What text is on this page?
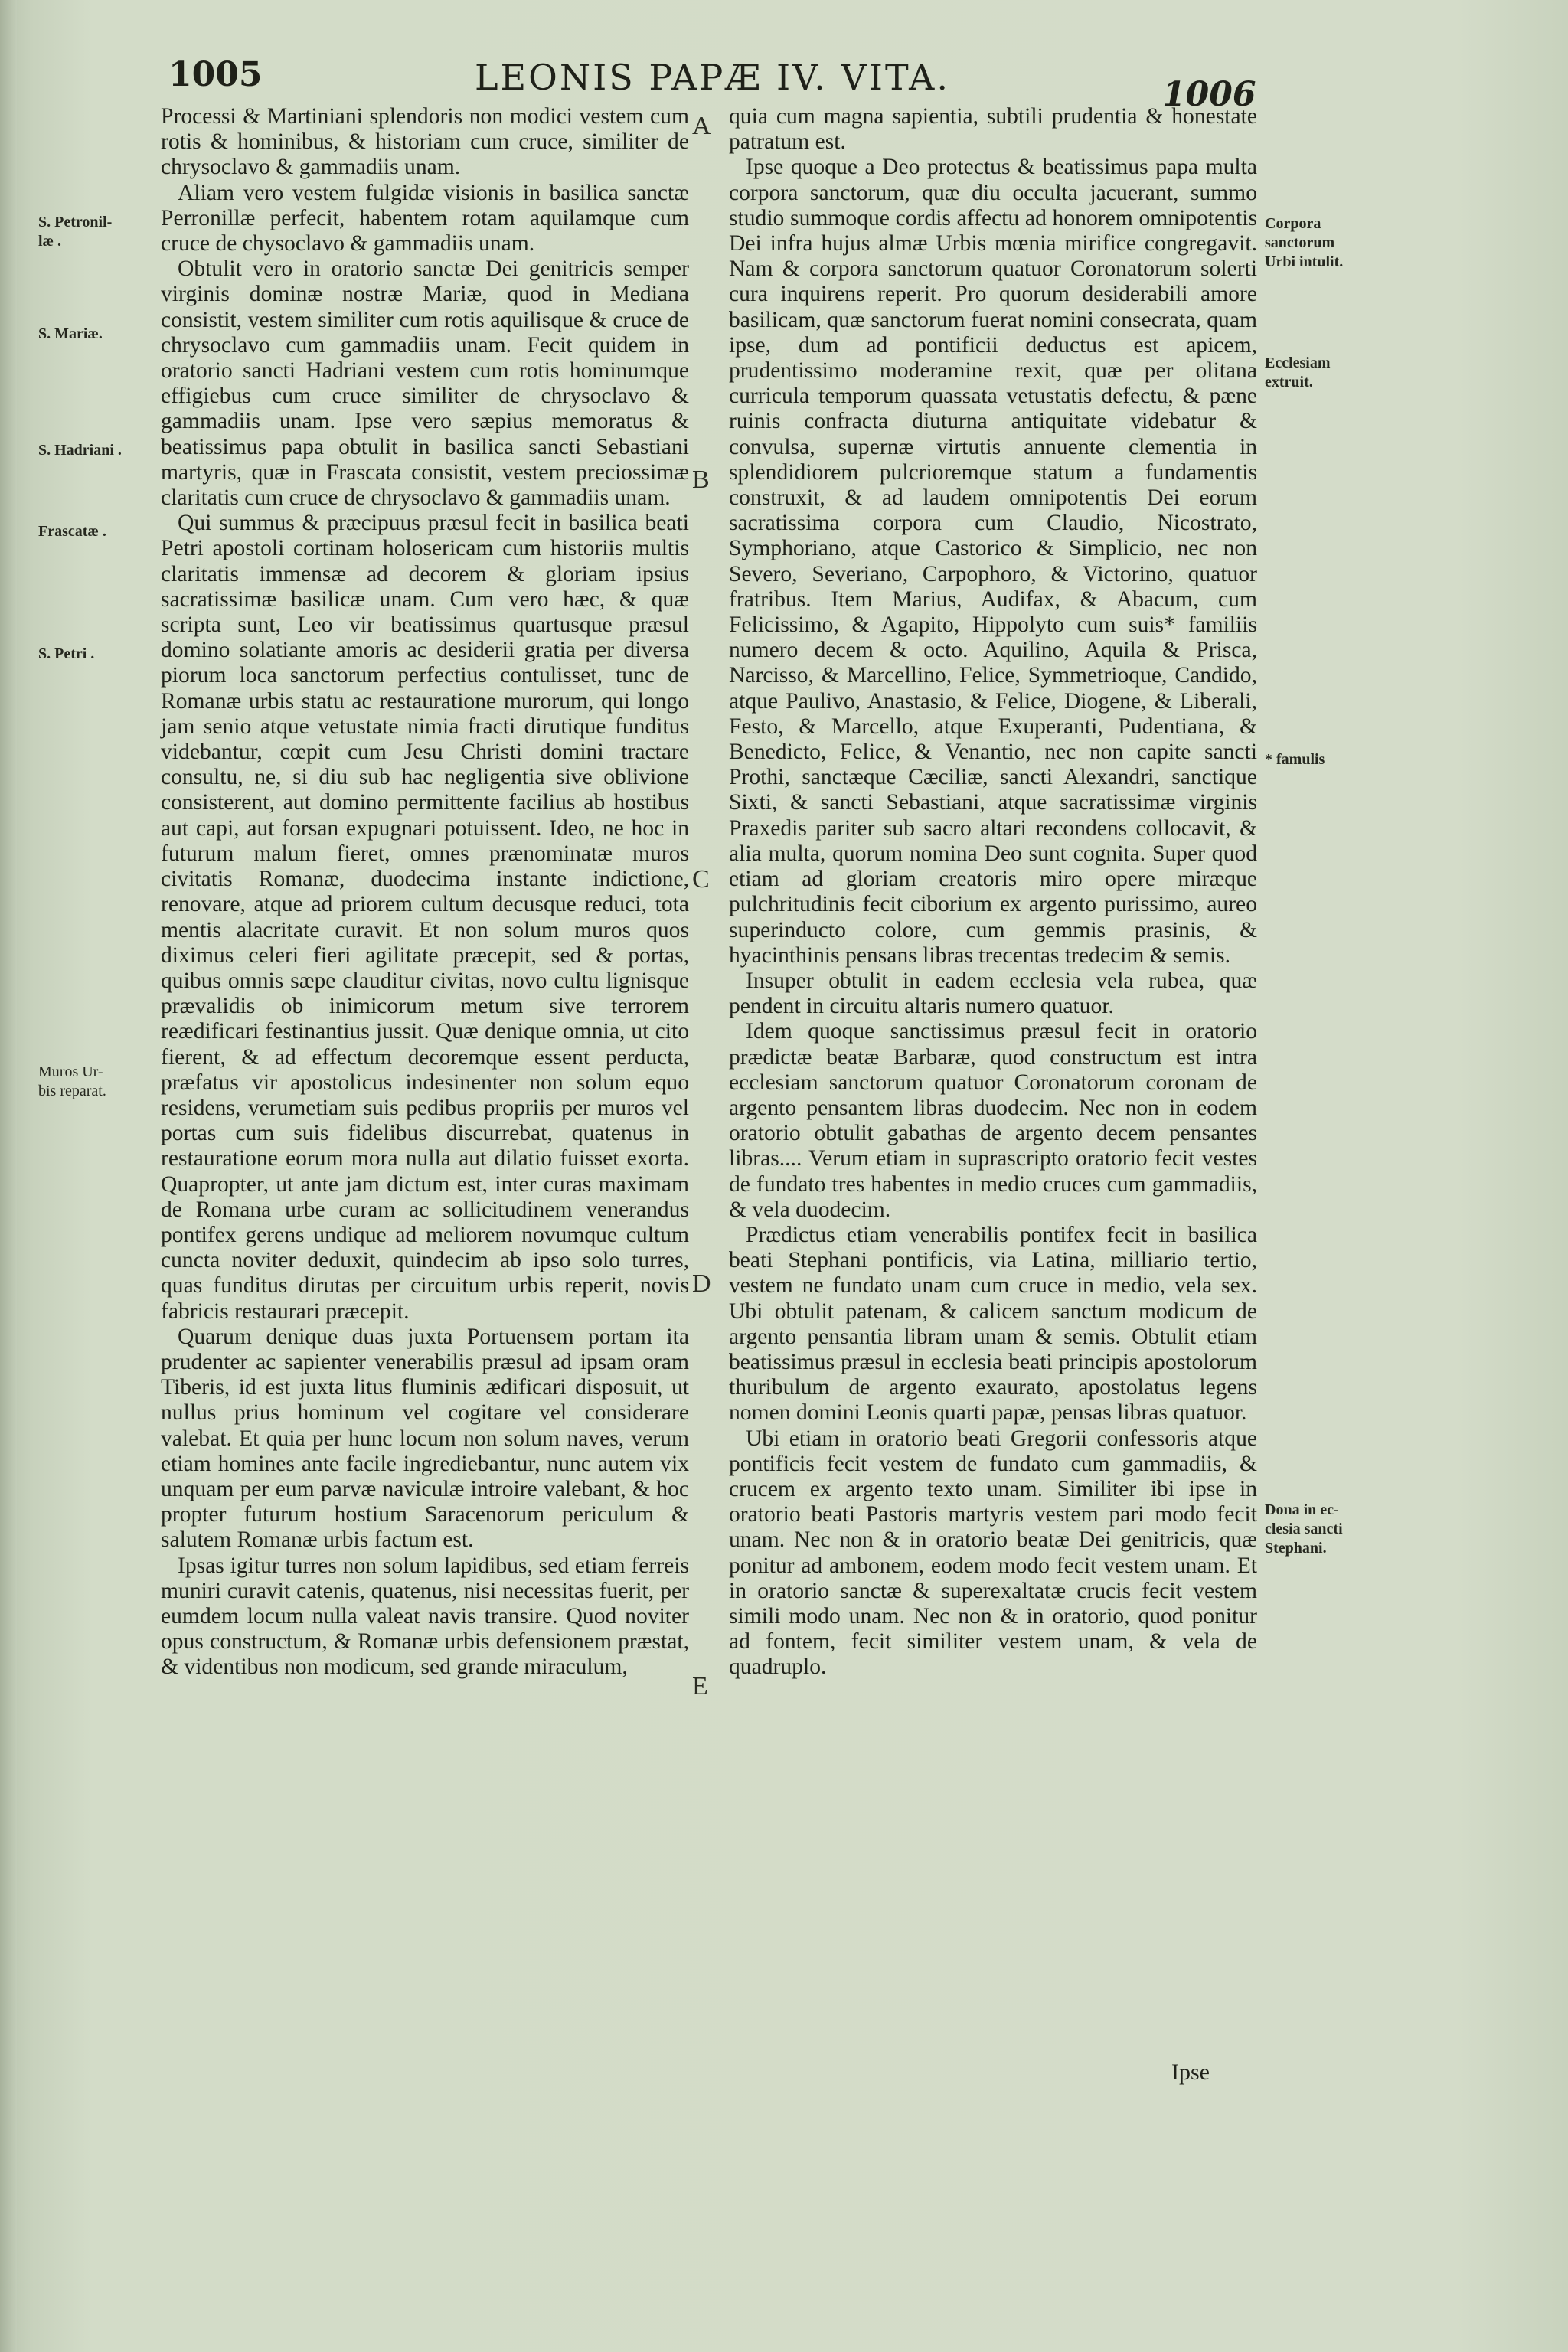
1005	LEONIS PAPÆ IV. VITA.	1006
S. Petronil-
læ .
S. Mariæ.
S. Hadriani .
Frascatæ .
S. Petri .
Muros Ur-
bis reparat.
Corpora
sanctorum
Urbi intulit.
Ecclesiam
extruit.
* famulis
Dona in ec-
clesia sancti
Stephani.
A
B
C
D
E

Processi & Martiniani splendoris non modici vestem cum rotis & hominibus, & historiam cum cruce, similiter de chrysoclavo & gammadiis unam.

Aliam vero vestem fulgidæ visionis in basilica sanctæ Perronillæ perfecit, habentem rotam aquilamque cum cruce de chysoclavo & gammadiis unam.

Obtulit vero in oratorio sanctæ Dei genitricis semper virginis dominæ nostræ Mariæ, quod in Mediana consistit, vestem similiter cum rotis aquilisque & cruce de chrysoclavo cum gammadiis unam. Fecit quidem in oratorio sancti Hadriani vestem cum rotis hominumque effigiebus cum cruce similiter de chrysoclavo & gammadiis unam. Ipse vero sæpius memoratus & beatissimus papa obtulit in basilica sancti Sebastiani martyris, quæ in Frascata consistit, vestem preciossimæ claritatis cum cruce de chrysoclavo & gammadiis unam.

Qui summus & præcipuus præsul fecit in basilica beati Petri apostoli cortinam holosericam cum historiis multis claritatis immensæ ad decorem & gloriam ipsius sacratissimæ basilicæ unam. Cum vero hæc, & quæ scripta sunt, Leo vir beatissimus quartusque præsul domino solatiante amoris ac desiderii gratia per diversa piorum loca sanctorum perfectius contulisset, tunc de Romanæ urbis statu ac restauratione murorum, qui longo jam senio atque vetustate nimia fracti dirutique funditus videbantur, cœpit cum Jesu Christi domini tractare consultu, ne, si diu sub hac negligentia sive oblivione consisterent, aut domino permittente facilius ab hostibus aut capi, aut forsan expugnari potuissent. Ideo, ne hoc in futurum malum fieret, omnes prænominatæ muros civitatis Romanæ, duodecima instante indictione, renovare, atque ad priorem cultum decusque reduci, tota mentis alacritate curavit. Et non solum muros quos diximus celeri fieri agilitate præcepit, sed & portas, quibus omnis sæpe clauditur civitas, novo cultu lignisque prævalidis ob inimicorum metum sive terrorem reædificari festinantius jussit. Quæ denique omnia, ut cito fierent, & ad effectum decoremque essent perducta, præfatus vir apostolicus indesinenter non solum equo residens, verumetiam suis pedibus propriis per muros vel portas cum suis fidelibus discurrebat, quatenus in restauratione eorum mora nulla aut dilatio fuisset exorta. Quapropter, ut ante jam dictum est, inter curas maximam de Romana urbe curam ac sollicitudinem venerandus pontifex gerens undique ad meliorem novumque cultum cuncta noviter deduxit, quindecim ab ipso solo turres, quas funditus dirutas per circuitum urbis reperit, novis fabricis restaurari præcepit.

Quarum denique duas juxta Portuensem portam ita prudenter ac sapienter venerabilis præsul ad ipsam oram Tiberis, id est juxta litus fluminis ædificari disposuit, ut nullus prius hominum vel cogitare vel considerare valebat. Et quia per hunc locum non solum naves, verum etiam homines ante facile ingrediebantur, nunc autem vix unquam per eum parvæ naviculæ introire valebant, & hoc propter futurum hostium Saracenorum periculum & salutem Romanæ urbis factum est.

Ipsas igitur turres non solum lapidibus, sed etiam ferreis muniri curavit catenis, quatenus, nisi necessitas fuerit, per eumdem locum nulla valeat navis transire. Quod noviter opus constructum, & Romanæ urbis defensionem præstat, & videntibus non modicum, sed grande miraculum,

quia cum magna sapientia, subtili prudentia & honestate patratum est.

Ipse quoque a Deo protectus & beatissimus papa multa corpora sanctorum, quæ diu occulta jacuerant, summo studio summoque cordis affectu ad honorem omnipotentis Dei infra hujus almæ Urbis mœnia mirifice congregavit. Nam & corpora sanctorum quatuor Coronatorum solerti cura inquirens reperit. Pro quorum desiderabili amore basilicam, quæ sanctorum fuerat nomini consecrata, quam ipse, dum ad pontificii deductus est apicem, prudentissimo moderamine rexit, quæ per olitana curricula temporum quassata vetustatis defectu, & pæne ruinis confracta diuturna antiquitate videbatur & convulsa, supernæ virtutis annuente clementia in splendidiorem pulcrioremque statum a fundamentis construxit, & ad laudem omnipotentis Dei eorum sacratissima corpora cum Claudio, Nicostrato, Symphoriano, atque Castorico & Simplicio, nec non Severo, Severiano, Carpophoro, & Victorino, quatuor fratribus. Item Marius, Audifax, & Abacum, cum Felicissimo, & Agapito, Hippolyto cum suis* familiis numero decem & octo. Aquilino, Aquila & Prisca, Narcisso, & Marcellino, Felice, Symmetrioque, Candido, atque Paulivo, Anastasio, & Felice, Diogene, & Liberali, Festo, & Marcello, atque Exuperanti, Pudentiana, & Benedicto, Felice, & Venantio, nec non capite sancti Prothi, sanctæque Cæciliæ, sancti Alexandri, sanctique Sixti, & sancti Sebastiani, atque sacratissimæ virginis Praxedis pariter sub sacro altari recondens collocavit, & alia multa, quorum nomina Deo sunt cognita. Super quod etiam ad gloriam creatoris miro opere miræque pulchritudinis fecit ciborium ex argento purissimo, aureo superinducto colore, cum gemmis prasinis, & hyacinthinis pensans libras trecentas tredecim & semis.

Insuper obtulit in eadem ecclesia vela rubea, quæ pendent in circuitu altaris numero quatuor.

Idem quoque sanctissimus præsul fecit in oratorio prædictæ beatæ Barbaræ, quod constructum est intra ecclesiam sanctorum quatuor Coronatorum coronam de argento pensantem libras duodecim. Nec non in eodem oratorio obtulit gabathas de argento decem pensantes libras.... Verum etiam in suprascripto oratorio fecit vestes de fundato tres habentes in medio cruces cum gammadiis, & vela duodecim.

Prædictus etiam venerabilis pontifex fecit in basilica beati Stephani pontificis, via Latina, milliario tertio, vestem ne fundato unam cum cruce in medio, vela sex. Ubi obtulit patenam, & calicem sanctum modicum de argento pensantia libram unam & semis. Obtulit etiam beatissimus præsul in ecclesia beati principis apostolorum thuribulum de argento exaurato, apostolatus legens nomen domini Leonis quarti papæ, pensas libras quatuor.

Ubi etiam in oratorio beati Gregorii confessoris atque pontificis fecit vestem de fundato cum gammadiis, & crucem ex argento texto unam. Similiter ibi ipse in oratorio beati Pastoris martyris vestem pari modo fecit unam. Nec non & in oratorio beatæ Dei genitricis, quæ ponitur ad ambonem, eodem modo fecit vestem unam. Et in oratorio sanctæ & superexaltatæ crucis fecit vestem simili modo unam. Nec non & in oratorio, quod ponitur ad fontem, fecit similiter vestem unam, & vela de quadruplo.

Ipse
